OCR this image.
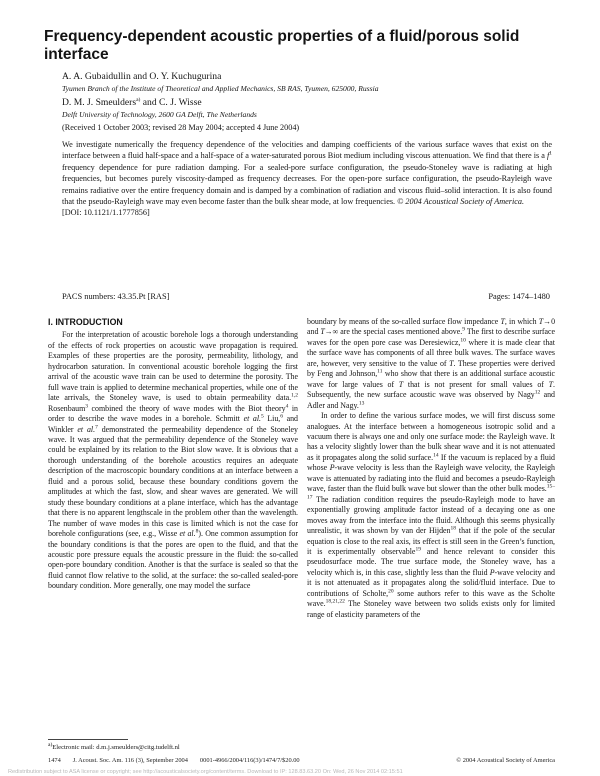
Frequency-dependent acoustic properties of a fluid/porous solid interface
A. A. Gubaidullin and O. Y. Kuchugurina
Tyumen Branch of the Institute of Theoretical and Applied Mechanics, SB RAS, Tyumen, 625000, Russia
D. M. J. Smeulders$^{a)}$ and C. J. Wisse
Delft University of Technology, 2600 GA Delft, The Netherlands
(Received 1 October 2003; revised 28 May 2004; accepted 4 June 2004)

We investigate numerically the frequency dependence of the velocities and damping coefficients of the various surface waves that exist on the interface between a fluid half-space and a half-space of a water-saturated porous Biot medium including viscous attenuation. We find that there is a $f^1$ frequency dependence for pure radiation damping. For a sealed-pore surface configuration, the pseudo-Stoneley wave is radiating at high frequencies, but becomes purely viscosity-damped as frequency decreases. For the open-pore surface configuration, the pseudo-Rayleigh wave remains radiative over the entire frequency domain and is damped by a combination of radiation and viscous fluid–solid interaction. It is also found that the pseudo-Rayleigh wave may even become faster than the bulk shear mode, at low frequencies. © 2004 Acoustical Society of America.
[DOI: 10.1121/1.1777856]

PACS numbers: 43.35.Pt [RAS]	Pages: 1474–1480

I. INTRODUCTION

For the interpretation of acoustic borehole logs a thorough understanding of the effects of rock properties on acoustic wave propagation is required. Examples of these properties are the porosity, permeability, lithology, and hydrocarbon saturation. In conventional acoustic borehole logging the first arrival of the acoustic wave train can be used to determine the porosity. The full wave train is applied to determine mechanical properties, while one of the late arrivals, the Stoneley wave, is used to obtain permeability data.$^{1,2}$ Rosenbaum$^3$ combined the theory of wave modes with the Biot theory$^4$ in order to describe the wave modes in a borehole. Schmitt et al.$^5$ Liu,$^6$ and Winkler et al.$^7$ demonstrated the permeability dependence of the Stoneley wave. It was argued that the permeability dependence of the Stoneley wave could be explained by its relation to the Biot slow wave. It is obvious that a thorough understanding of the borehole acoustics requires an adequate description of the macroscopic boundary conditions at an interface between a fluid and a porous solid, because these boundary conditions govern the amplitudes at which the fast, slow, and shear waves are generated. We will study these boundary conditions at a plane interface, which has the advantage that there is no apparent lengthscale in the problem other than the wavelength. The number of wave modes in this case is limited which is not the case for borehole configurations (see, e.g., Wisse et al.$^8$). One common assumption for the boundary conditions is that the pores are open to the fluid, and that the acoustic pore pressure equals the acoustic pressure in the fluid: the so-called open-pore boundary condition. Another is that the surface is sealed so that the fluid cannot flow relative to the solid, at the surface: the so-called sealed-pore boundary condition. More generally, one may model the surface

boundary by means of the so-called surface flow impedance T, in which T→0 and T→∞ are the special cases mentioned above.$^9$ The first to describe surface waves for the open pore case was Deresiewicz,$^{10}$ where it is made clear that the surface wave has components of all three bulk waves. The surface waves are, however, very sensitive to the value of T. These properties were derived by Feng and Johnson,$^{11}$ who show that there is an additional surface acoustic wave for large values of T that is not present for small values of T. Subsequently, the new surface acoustic wave was observed by Nagy$^{12}$ and Adler and Nagy.$^{13}$

In order to define the various surface modes, we will first discuss some analogues. At the interface between a homogeneous isotropic solid and a vacuum there is always one and only one surface mode: the Rayleigh wave. It has a velocity slightly lower than the bulk shear wave and it is not attenuated as it propagates along the solid surface.$^{14}$ If the vacuum is replaced by a fluid whose P-wave velocity is less than the Rayleigh wave velocity, the Rayleigh wave is attenuated by radiating into the fluid and becomes a pseudo-Rayleigh wave, faster than the fluid bulk wave but slower than the other bulk modes.$^{15-17}$ The radiation condition requires the pseudo-Rayleigh mode to have an exponentially growing amplitude factor instead of a decaying one as one moves away from the interface into the fluid. Although this seems physically unrealistic, it was shown by van der Hijden$^{18}$ that if the pole of the secular equation is close to the real axis, its effect is still seen in the Green’s function, it is experimentally observable$^{19}$ and hence relevant to consider this pseudosurface mode. The true surface mode, the Stoneley wave, has a velocity which is, in this case, slightly less than the fluid P-wave velocity and it is not attenuated as it propagates along the solid/fluid interface. Due to contributions of Scholte,$^{20}$ some authors refer to this wave as the Scholte wave.$^{18,21,22}$ The Stoneley wave between two solids exists only for limited range of elasticity parameters of the

$^{a)}$Electronic mail: d.m.j.smeulders@citg.tudelft.nl
1474 J. Acoust. Soc. Am. 116 (3), September 2004 0001-4966/2004/116(3)/1474/7/$20.00	© 2004 Acoustical Society of America
Redistribution subject to ASA license or copyright; see http://acousticalsociety.org/content/terms. Download to IP: 128.83.63.20 On: Wed, 26 Nov 2014 02:15:51
